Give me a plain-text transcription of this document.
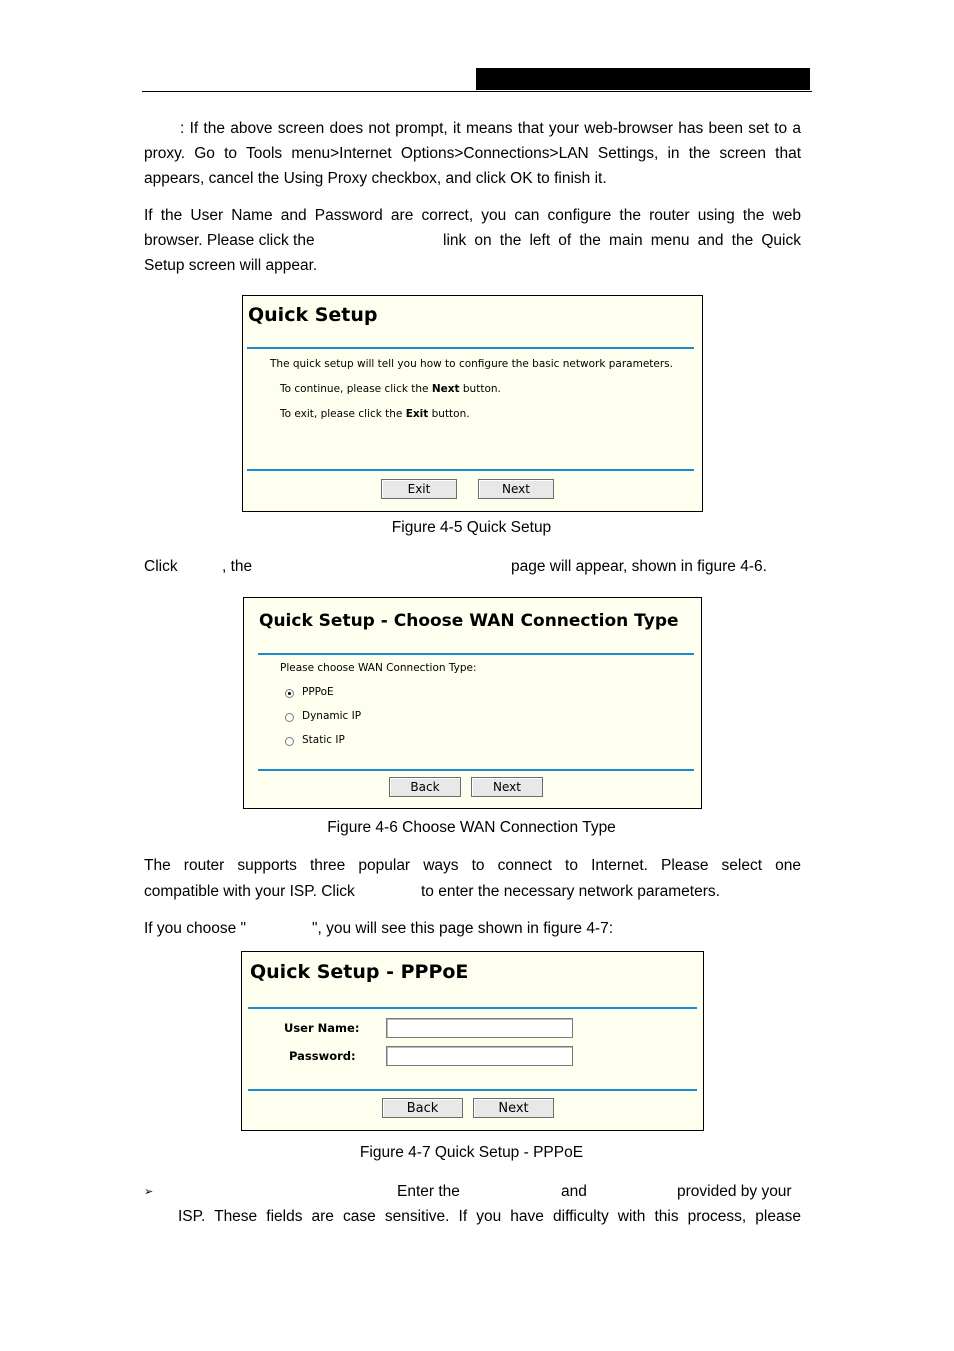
: If the above screen does not prompt, it means that your web-browser has been set to a proxy. Go to Tools menu>Internet Options>Connections>LAN Settings, in the screen that appears, cancel the Using Proxy checkbox, and click OK to finish it.
If the User Name and Password are correct, you can configure the router using the web
browser. Please click the	link on the left of the main menu and the Quick
Setup screen will appear.
Quick Setup
The quick setup will tell you how to configure the basic network parameters.
To continue, please click the Next button.
To exit, please click the Exit button.
Exit	Next
Figure 4-5 Quick Setup
Click	, the	page will appear, shown in figure 4-6.
Quick Setup - Choose WAN Connection Type
Please choose WAN Connection Type:
PPPoE
Dynamic IP
Static IP
Back	Next
Figure 4-6 Choose WAN Connection Type
The router supports three popular ways to connect to Internet. Please select one
compatible with your ISP. Click	to enter the necessary network parameters.
If you choose "	", you will see this page shown in figure 4-7:
Quick Setup - PPPoE
User Name:
Password:
Back	Next
Figure 4-7 Quick Setup - PPPoE
➢	Enter the	and	provided by your
ISP. These fields are case sensitive. If you have difficulty with this process, please
